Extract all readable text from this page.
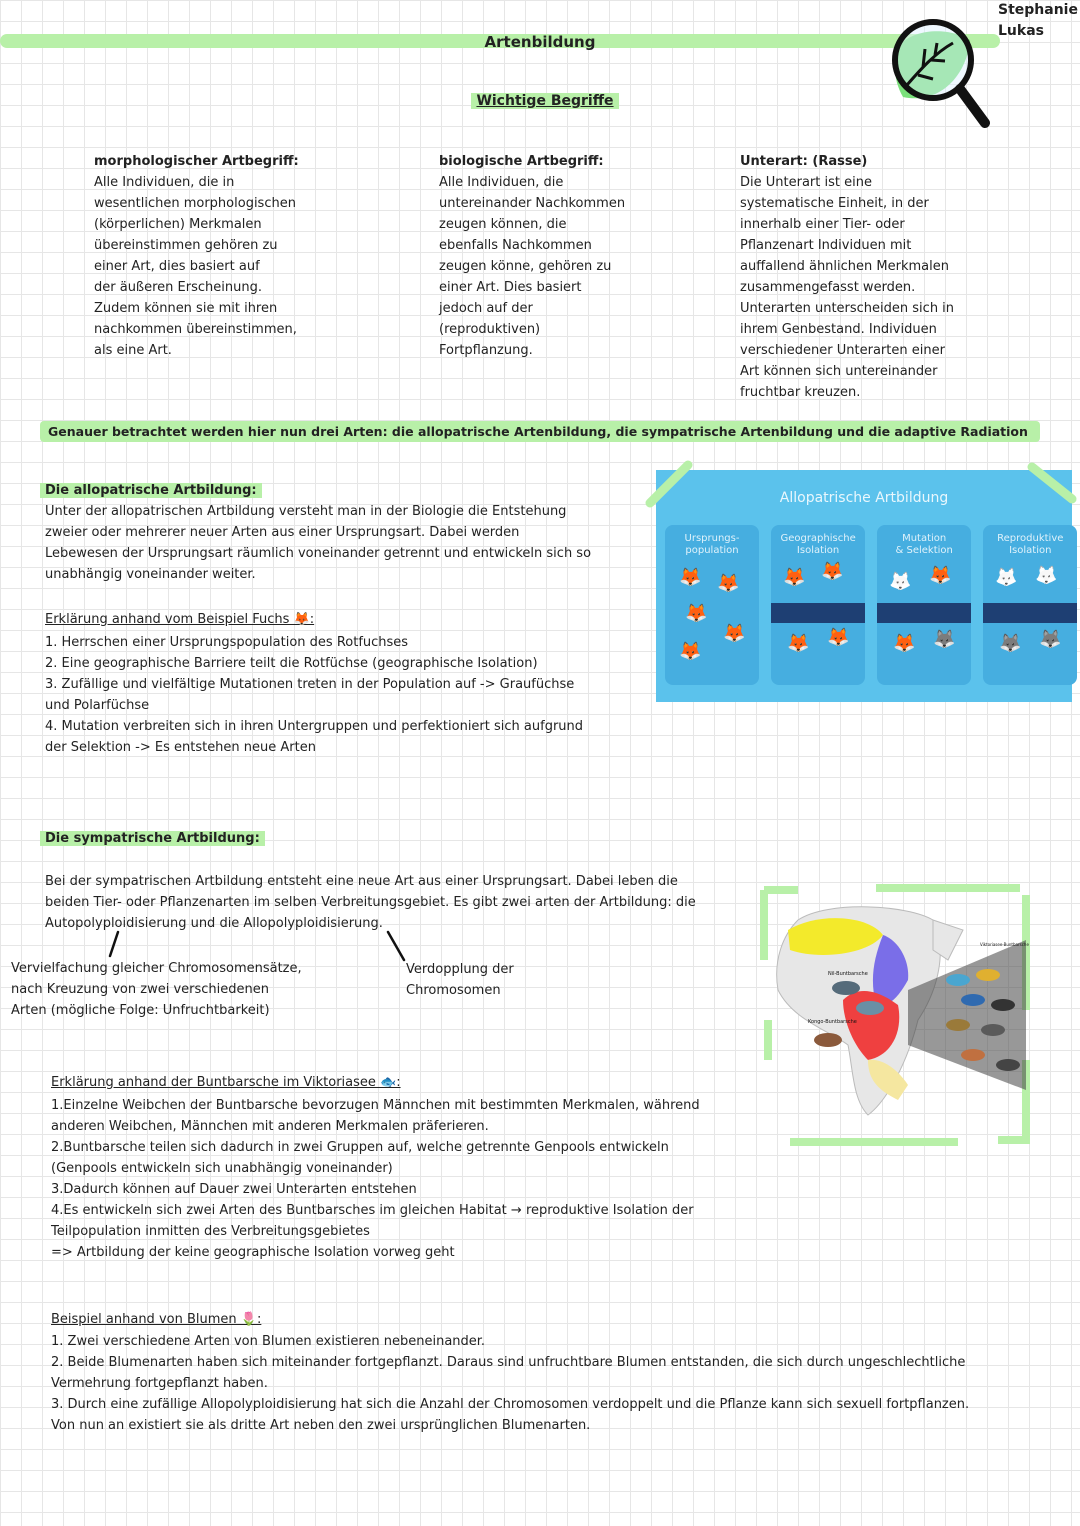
Artenbildung
Stephanie
Lukas
Wichtige Begriffe
morphologischer Artbegriff:
Alle Individuen, die in
wesentlichen morphologischen
(körperlichen) Merkmalen
übereinstimmen gehören zu
einer Art, dies basiert auf
der äußeren Erscheinung.
Zudem können sie mit ihren
nachkommen übereinstimmen,
als eine Art.
biologische Artbegriff:
Alle Individuen, die
untereinander Nachkommen
zeugen können, die
ebenfalls Nachkommen
zeugen könne, gehören zu
einer Art. Dies basiert
jedoch auf der
(reproduktiven)
Fortpflanzung.
Unterart: (Rasse)
Die Unterart ist eine
systematische Einheit, in der
innerhalb einer Tier- oder
Pflanzenart Individuen mit
auffallend ähnlichen Merkmalen
zusammengefasst werden.
Unterarten unterscheiden sich in
ihrem Genbestand. Individuen
verschiedener Unterarten einer
Art können sich untereinander
fruchtbar kreuzen.
Genauer betrachtet werden hier nun drei Arten: die allopatrische Artenbildung, die sympatrische Artenbildung und die adaptive Radiation
Die allopatrische Artbildung:
Unter der allopatrischen Artbildung versteht man in der Biologie die Entstehung
zweier oder mehrerer neuer Arten aus einer Ursprungsart. Dabei werden
Lebewesen der Ursprungsart räumlich voneinander getrennt und entwickeln sich so
unabhängig voneinander weiter.
Erklärung anhand vom Beispiel Fuchs 🦊:
1. Herrschen einer Ursprungspopulation des Rotfuchses
2. Eine geographische Barriere teilt die Rotfüchse (geographische Isolation)
3. Zufällige und vielfältige Mutationen treten in der Population auf -> Graufüchse
und Polarfüchse
4. Mutation verbreiten sich in ihren Untergruppen und perfektioniert sich aufgrund
der Selektion -> Es entstehen neue Arten
Allopatrische Artbildung
Ursprungs-
population
🦊 🦊
🦊
🦊
🦊

Geographische
Isolation
🦊 🦊
🦊 🦊

Mutation
& Selektion
🦊 🦊
🦊 🦊

Reproduktive
Isolation
🦊 🦊
🦊 🦊
Die sympatrische Artbildung:
Bei der sympatrischen Artbildung entsteht eine neue Art aus einer Ursprungsart. Dabei leben die
beiden Tier- oder Pflanzenarten im selben Verbreitungsgebiet. Es gibt zwei arten der Artbildung: die
Autopolyploidisierung und die Allopolyploidisierung.
Vervielfachung gleicher Chromosomensätze,
nach Kreuzung von zwei verschiedenen
Arten (mögliche Folge: Unfruchtbarkeit)
Verdopplung der
Chromosomen
Erklärung anhand der Buntbarsche im Viktoriasee 🐟:
1.Einzelne Weibchen der Buntbarsche bevorzugen Männchen mit bestimmten Merkmalen, während
anderen Weibchen, Männchen mit anderen Merkmalen präferieren.
2.Buntbarsche teilen sich dadurch in zwei Gruppen auf, welche getrennte Genpools entwickeln
(Genpools entwickeln sich unabhängig voneinander)
3.Dadurch können auf Dauer zwei Unterarten entstehen
4.Es entwickeln sich zwei Arten des Buntbarsches im gleichen Habitat → reproduktive Isolation der
Teilpopulation inmitten des Verbreitungsgebietes
=> Artbildung der keine geographische Isolation vorweg geht
Nil-Buntbarsche
Kongo-Buntbarsche
Viktoriasee-Buntbarsche
Beispiel anhand von Blumen 🌷:
1. Zwei verschiedene Arten von Blumen existieren nebeneinander.
2. Beide Blumenarten haben sich miteinander fortgepflanzt. Daraus sind unfruchtbare Blumen entstanden, die sich durch ungeschlechtliche
Vermehrung fortgepflanzt haben.
3. Durch eine zufällige Allopolyploidisierung hat sich die Anzahl der Chromosomen verdoppelt und die Pflanze kann sich sexuell fortpflanzen.
Von nun an existiert sie als dritte Art neben den zwei ursprünglichen Blumenarten.
